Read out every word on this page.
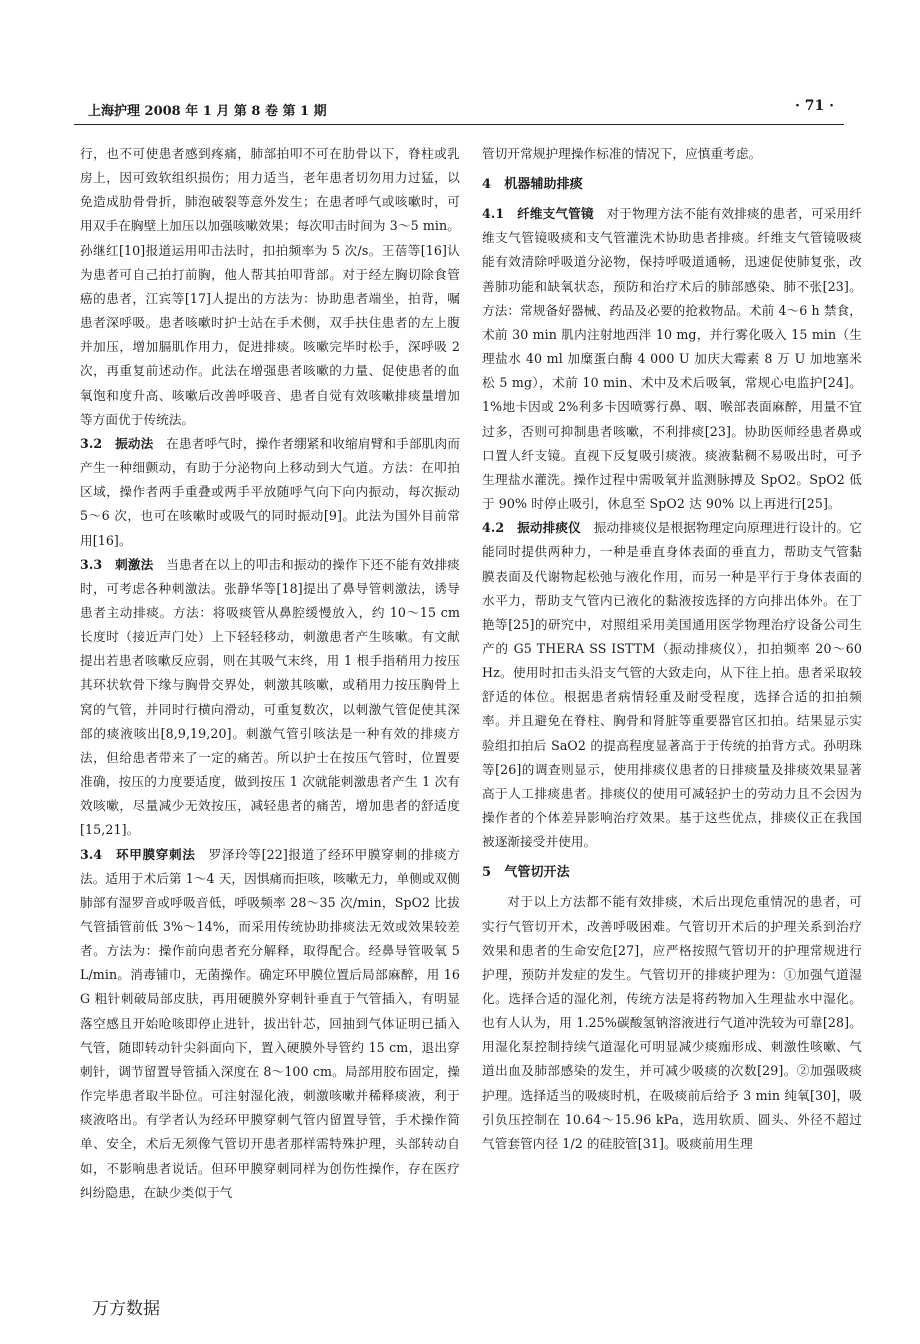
上海护理 2008 年 1 月 第 8 卷 第 1 期	· 71 ·

行，也不可使患者感到疼痛，肺部拍叩不可在肋骨以下，脊柱或乳房上，因可致软组织损伤；用力适当，老年患者切勿用力过猛，以免造成肋骨骨折，肺泡破裂等意外发生；在患者呼气或咳嗽时，可用双手在胸壁上加压以加强咳嗽效果；每次叩击时间为 3～5 min。孙继红[10]报道运用叩击法时，扣拍频率为 5 次/s。王蓓等[16]认为患者可自己拍打前胸，他人帮其拍叩背部。对于经左胸切除食管癌的患者，江宾等[17]人提出的方法为：协助患者端坐，拍背，嘱患者深呼吸。患者咳嗽时护士站在手术侧，双手扶住患者的左上腹并加压，增加膈肌作用力，促进排痰。咳嗽完毕时松手，深呼吸 2 次，再重复前述动作。此法在增强患者咳嗽的力量、促使患者的血氧饱和度升高、咳嗽后改善呼吸音、患者自觉有效咳嗽排痰量增加等方面优于传统法。

3.2　振动法　在患者呼气时，操作者绷紧和收缩肩臂和手部肌肉而产生一种细颤动，有助于分泌物向上移动到大气道。方法：在叩拍区域，操作者两手重叠或两手平放随呼气向下向内振动，每次振动 5～6 次，也可在咳嗽时或吸气的同时振动[9]。此法为国外目前常用[16]。

3.3　刺激法　当患者在以上的叩击和振动的操作下还不能有效排痰时，可考虑各种刺激法。张静华等[18]提出了鼻导管刺激法，诱导患者主动排痰。方法：将吸痰管从鼻腔缓慢放入，约 10～15 cm 长度时（接近声门处）上下轻轻移动，刺激患者产生咳嗽。有文献提出若患者咳嗽反应弱，则在其吸气末终，用 1 根手指稍用力按压其环状软骨下缘与胸骨交界处，刺激其咳嗽，或稍用力按压胸骨上窝的气管，并同时行横向滑动，可重复数次，以刺激气管促使其深部的痰液咳出[8,9,19,20]。刺激气管引咳法是一种有效的排痰方法，但给患者带来了一定的痛苦。所以护士在按压气管时，位置要准确，按压的力度要适度，做到按压 1 次就能刺激患者产生 1 次有效咳嗽，尽量减少无效按压，减轻患者的痛苦，增加患者的舒适度[15,21]。

3.4　环甲膜穿刺法　罗泽玲等[22]报道了经环甲膜穿刺的排痰方法。适用于术后第 1～4 天，因惧痛而拒咳，咳嗽无力，单侧或双侧肺部有湿罗音或呼吸音低，呼吸频率 28～35 次/min，SpO2 比拔气管插管前低 3%～14%，而采用传统协助排痰法无效或效果较差者。方法为：操作前向患者充分解释，取得配合。经鼻导管吸氧 5 L/min。消毒铺巾，无菌操作。确定环甲膜位置后局部麻醉，用 16 G 粗针刺破局部皮肤，再用硬膜外穿刺针垂直于气管插入，有明显落空感且开始呛咳即停止进针，拔出针芯，回抽到气体证明已插入气管，随即转动针尖斜面向下，置入硬膜外导管约 15 cm，退出穿刺针，调节留置导管插入深度在 8～100 cm。局部用胶布固定，操作完毕患者取半卧位。可注射湿化液，刺激咳嗽并稀释痰液，利于痰液咯出。有学者认为经环甲膜穿刺气管内留置导管，手术操作简单、安全，术后无须像气管切开患者那样需特殊护理，头部转动自如，不影响患者说话。但环甲膜穿刺同样为创伤性操作，存在医疗纠纷隐患，在缺少类似于气

管切开常规护理操作标准的情况下，应慎重考虑。

4　机器辅助排痰

4.1　纤维支气管镜　对于物理方法不能有效排痰的患者，可采用纤维支气管镜吸痰和支气管灌洗术协助患者排痰。纤维支气管镜吸痰能有效清除呼吸道分泌物，保持呼吸道通畅，迅速促使肺复张，改善肺功能和缺氧状态，预防和治疗术后的肺部感染、肺不张[23]。方法：常规备好器械、药品及必要的抢救物品。术前 4～6 h 禁食，术前 30 min 肌内注射地西泮 10 mg，并行雾化吸入 15 min（生理盐水 40 ml 加糜蛋白酶 4 000 U 加庆大霉素 8 万 U 加地塞米松 5 mg），术前 10 min、术中及术后吸氧，常规心电监护[24]。1%地卡因或 2%利多卡因喷雾行鼻、咽、喉部表面麻醉，用量不宜过多，否则可抑制患者咳嗽，不利排痰[23]。协助医师经患者鼻或口置人纤支镜。直视下反复吸引痰液。痰液黏稠不易吸出时，可予生理盐水灌洗。操作过程中需吸氧并监测脉搏及 SpO2。SpO2 低于 90% 时停止吸引，休息至 SpO2 达 90% 以上再进行[25]。

4.2　振动排痰仪　振动排痰仪是根据物理定向原理进行设计的。它能同时提供两种力，一种是垂直身体表面的垂直力，帮助支气管黏膜表面及代谢物起松弛与液化作用，而另一种是平行于身体表面的水平力，帮助支气管内已液化的黏液按选择的方向排出体外。在丁艳等[25]的研究中，对照组采用美国通用医学物理治疗设备公司生产的 G5 THERA SS ISTTM（振动排痰仪），扣拍频率 20～60 Hz。使用时扣击头沿支气管的大致走向，从下往上拍。患者采取较舒适的体位。根据患者病情轻重及耐受程度，选择合适的扣拍频率。并且避免在脊柱、胸骨和肾脏等重要器官区扣拍。结果显示实验组扣拍后 SaO2 的提高程度显著高于于传统的拍背方式。孙明珠等[26]的调查则显示，使用排痰仪患者的日排痰量及排痰效果显著高于人工排痰患者。排痰仪的使用可减轻护士的劳动力且不会因为操作者的个体差异影响治疗效果。基于这些优点，排痰仪正在我国被逐渐接受并使用。

5　气管切开法

对于以上方法都不能有效排痰，术后出现危重情况的患者，可实行气管切开术，改善呼吸困难。气管切开术后的护理关系到治疗效果和患者的生命安危[27]，应严格按照气管切开的护理常规进行护理，预防并发症的发生。气管切开的排痰护理为：①加强气道湿化。选择合适的湿化剂，传统方法是将药物加入生理盐水中湿化。也有人认为，用 1.25%碳酸氢钠溶液进行气道冲洗较为可靠[28]。用湿化泵控制持续气道湿化可明显减少痰痂形成、刺激性咳嗽、气道出血及肺部感染的发生，并可减少吸痰的次数[29]。②加强吸痰护理。选择适当的吸痰时机，在吸痰前后给予 3 min 纯氧[30]，吸引负压控制在 10.64～15.96 kPa，选用软质、圆头、外径不超过气管套管内径 1/2 的硅胶管[31]。吸痰前用生理

万方数据
